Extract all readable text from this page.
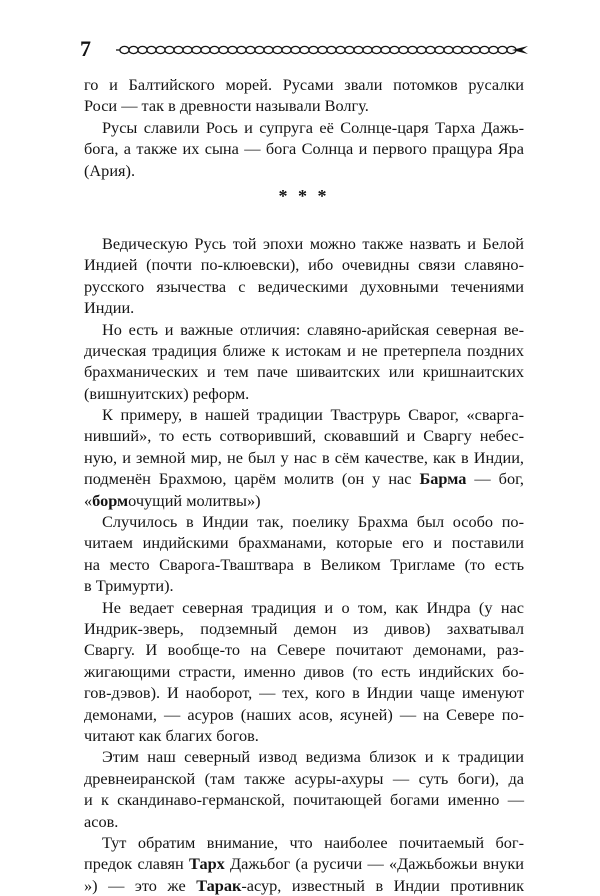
7
го и Балтийского морей. Русами звали потомков русалки
Роси — так в древности называли Волгу.
Русы славили Рось и супруга её Солнце-царя Тарха Дажь-
бога, а также их сына — бога Солнца и первого пращура Яра
(Ария).
* * *
Ведическую Русь той эпохи можно также назвать и Белой
Индией (почти по-клюевски), ибо очевидны связи славяно-
русского язычества с ведическими духовными течениями
Индии.
Но есть и важные отличия: славяно-арийская северная ве-
дическая традиция ближе к истокам и не претерпела поздних
брахманических и тем паче шиваитских или кришнаитских
(вишнуитских) реформ.
К примеру, в нашей традиции Тваструрь Сварог, «сварга-
нивший», то есть сотворивший, сковавший и Сваргу небес-
ную, и земной мир, не был у нас в сём качестве, как в Индии,
подменён Брахмою, царём молитв (он у нас Барма — бог,
«бормочущий молитвы»)
Случилось в Индии так, поелику Брахма был особо по-
читаем индийскими брахманами, которые его и поставили
на место Сварога-Тваштвара в Великом Тригламе (то есть
в Тримурти).
Не ведает северная традиция и о том, как Индра (у нас
Индрик-зверь, подземный демон из дивов) захватывал
Сваргу. И вообще-то на Севере почитают демонами, раз-
жигающими страсти, именно дивов (то есть индийских бо-
гов-дэвов). И наоборот, — тех, кого в Индии чаще именуют
демонами, — асуров (наших асов, ясуней) — на Севере по-
читают как благих богов.
Этим наш северный извод ведизма близок и к традиции
древнеиранской (там также асуры-ахуры — суть боги), да
и к скандинаво-германской, почитающей богами именно —
асов.
Тут обратим внимание, что наиболее почитаемый бог-
предок славян Тарх Дажьбог (а русичи — «Дажьбожьи внуки
») — это же Тарак-асур, известный в Индии противник
